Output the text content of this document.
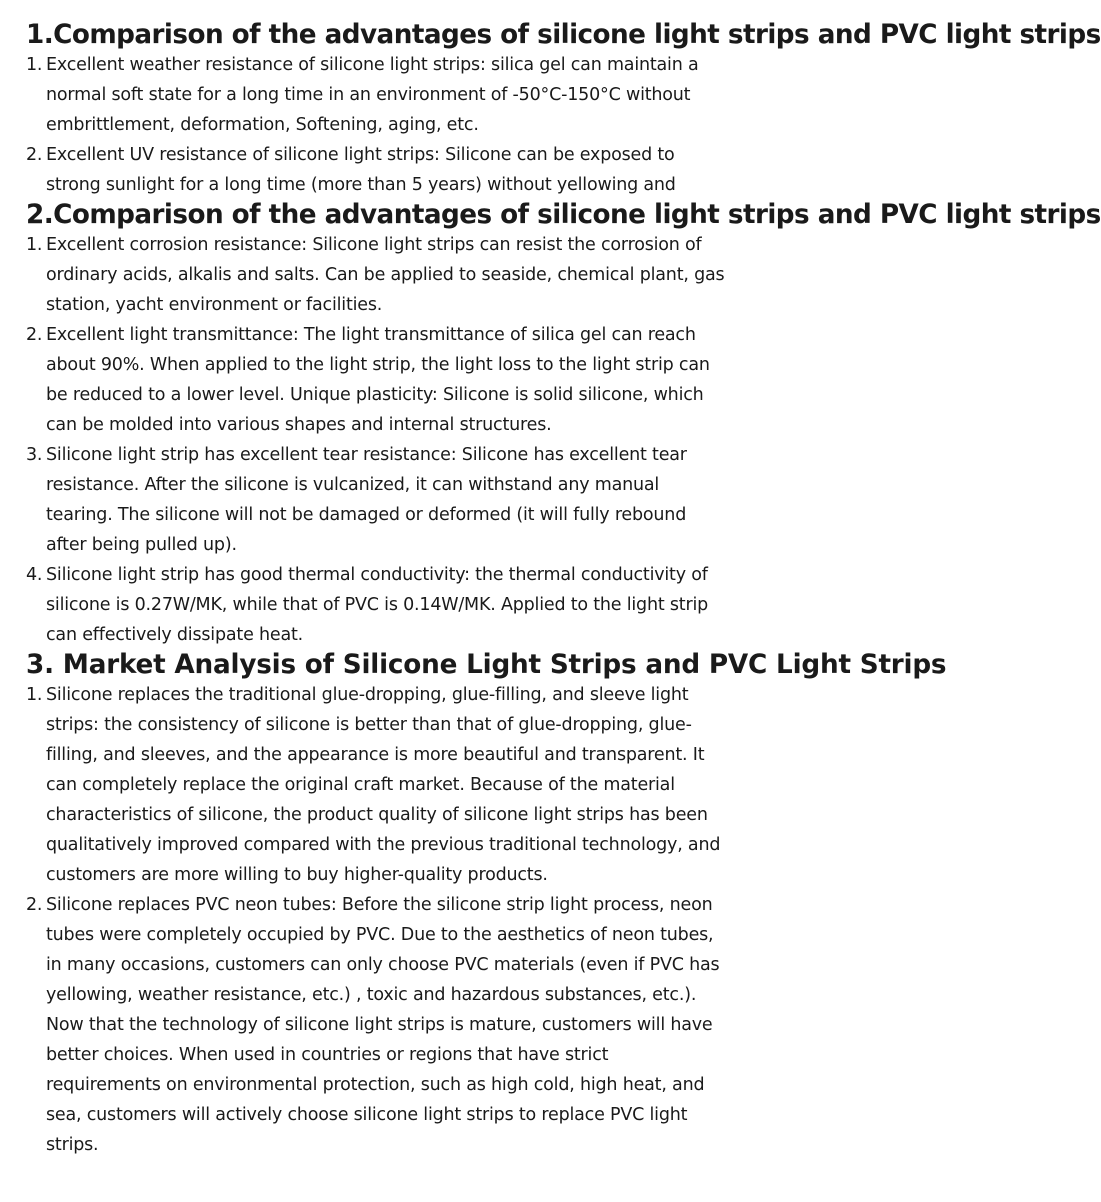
1.Comparison of the advantages of silicone light strips and PVC light strips
1. Excellent weather resistance of silicone light strips: silica gel can maintain a normal soft state for a long time in an environment of -50°C-150°C without embrittlement, deformation, Softening, aging, etc.
2. Excellent UV resistance of silicone light strips: Silicone can be exposed to strong sunlight for a long time (more than 5 years) without yellowing and
2.Comparison of the advantages of silicone light strips and PVC light strips
1. Excellent corrosion resistance: Silicone light strips can resist the corrosion of ordinary acids, alkalis and salts. Can be applied to seaside, chemical plant, gas station, yacht environment or facilities.
2. Excellent light transmittance: The light transmittance of silica gel can reach about 90%. When applied to the light strip, the light loss to the light strip can be reduced to a lower level. Unique plasticity: Silicone is solid silicone, which can be molded into various shapes and internal structures.
3. Silicone light strip has excellent tear resistance: Silicone has excellent tear resistance. After the silicone is vulcanized, it can withstand any manual tearing. The silicone will not be damaged or deformed (it will fully rebound after being pulled up).
4. Silicone light strip has good thermal conductivity: the thermal conductivity of silicone is 0.27W/MK, while that of PVC is 0.14W/MK. Applied to the light strip can effectively dissipate heat.
3. Market Analysis of Silicone Light Strips and PVC Light Strips
1. Silicone replaces the traditional glue-dropping, glue-filling, and sleeve light strips: the consistency of silicone is better than that of glue-dropping, glue-filling, and sleeves, and the appearance is more beautiful and transparent. It can completely replace the original craft market. Because of the material characteristics of silicone, the product quality of silicone light strips has been qualitatively improved compared with the previous traditional technology, and customers are more willing to buy higher-quality products.
2. Silicone replaces PVC neon tubes: Before the silicone strip light process, neon tubes were completely occupied by PVC. Due to the aesthetics of neon tubes, in many occasions, customers can only choose PVC materials (even if PVC has yellowing, weather resistance, etc.) , toxic and hazardous substances, etc.). Now that the technology of silicone light strips is mature, customers will have better choices. When used in countries or regions that have strict requirements on environmental protection, such as high cold, high heat, and sea, customers will actively choose silicone light strips to replace PVC light strips.
